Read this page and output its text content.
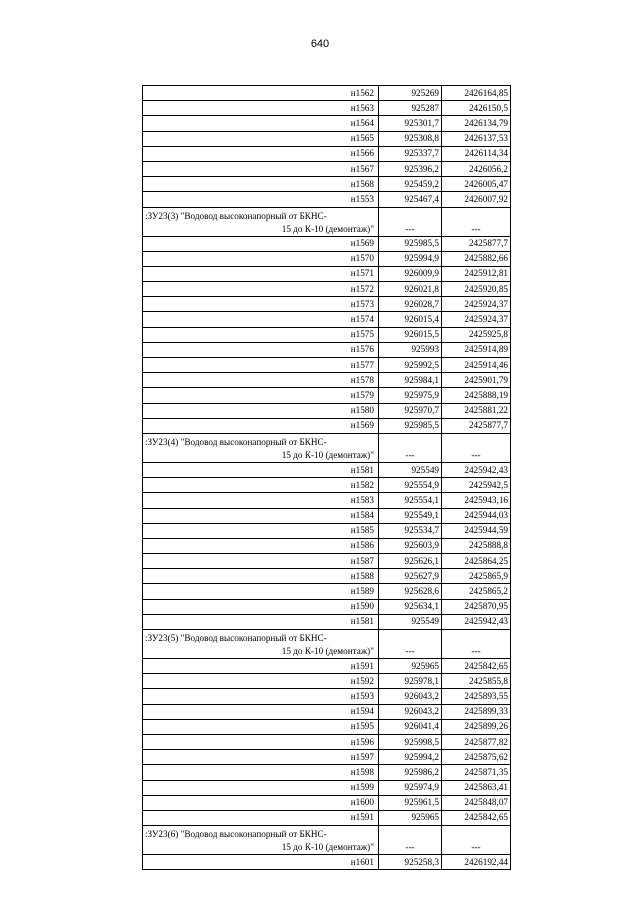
640
н1562	925269	2426164,85
н1563	925287	2426150,5
н1564	925301,7	2426134,79
н1565	925308,8	2426137,53
н1566	925337,7	2426114,34
н1567	925396,2	2426056,2
н1568	925459,2	2426005,47
н1553	925467,4	2426007,92

:ЗУ23(3) "Водовод высоконапорный от БКНС-
15 до К-10 (демонтаж)"	---	---
н1569	925985,5	2425877,7
н1570	925994,9	2425882,66
н1571	926009,9	2425912,81
н1572	926021,8	2425920,85
н1573	926028,7	2425924,37
н1574	926015,4	2425924,37
н1575	926015,5	2425925,8
н1576	925993	2425914,89
н1577	925992,5	2425914,46
н1578	925984,1	2425901,79
н1579	925975,9	2425888,19
н1580	925970,7	2425881,22
н1569	925985,5	2425877,7

:ЗУ23(4) "Водовод высоконапорный от БКНС-
15 до К-10 (демонтаж)"	---	---
н1581	925549	2425942,43
н1582	925554,9	2425942,5
н1583	925554,1	2425943,16
н1584	925549,1	2425944,03
н1585	925534,7	2425944,59
н1586	925603,9	2425888,8
н1587	925626,1	2425864,25
н1588	925627,9	2425865,9
н1589	925628,6	2425865,2
н1590	925634,1	2425870,95
н1581	925549	2425942,43

:ЗУ23(5) "Водовод высоконапорный от БКНС-
15 до К-10 (демонтаж)"	---	---
н1591	925965	2425842,65
н1592	925978,1	2425855,8
н1593	926043,2	2425893,55
н1594	926043,2	2425899,33
н1595	926041,4	2425899,26
н1596	925998,5	2425877,82
н1597	925994,2	2425875,62
н1598	925986,2	2425871,35
н1599	925974,9	2425863,41
н1600	925961,5	2425848,07
н1591	925965	2425842,65

:ЗУ23(6) "Водовод высоконапорный от БКНС-
15 до К-10 (демонтаж)"	---	---
н1601	925258,3	2426192,44
